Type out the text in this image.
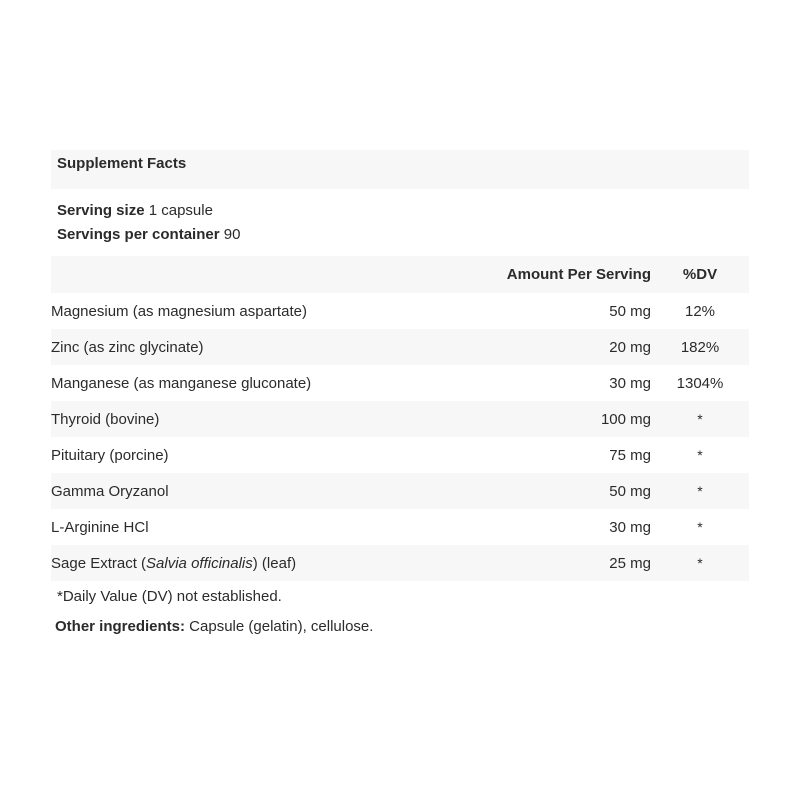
Supplement Facts
Serving size 1 capsule
Servings per container 90
	Amount Per Serving	%DV
Magnesium (as magnesium aspartate)	50 mg	12%
Zinc (as zinc glycinate)	20 mg	182%
Manganese (as manganese gluconate)	30 mg	1304%
Thyroid (bovine)	100 mg	*
Pituitary (porcine)	75 mg	*
Gamma Oryzanol	50 mg	*
L-Arginine HCl	30 mg	*
Sage Extract (Salvia officinalis) (leaf)	25 mg	*
*Daily Value (DV) not established.
Other ingredients: Capsule (gelatin), cellulose.
